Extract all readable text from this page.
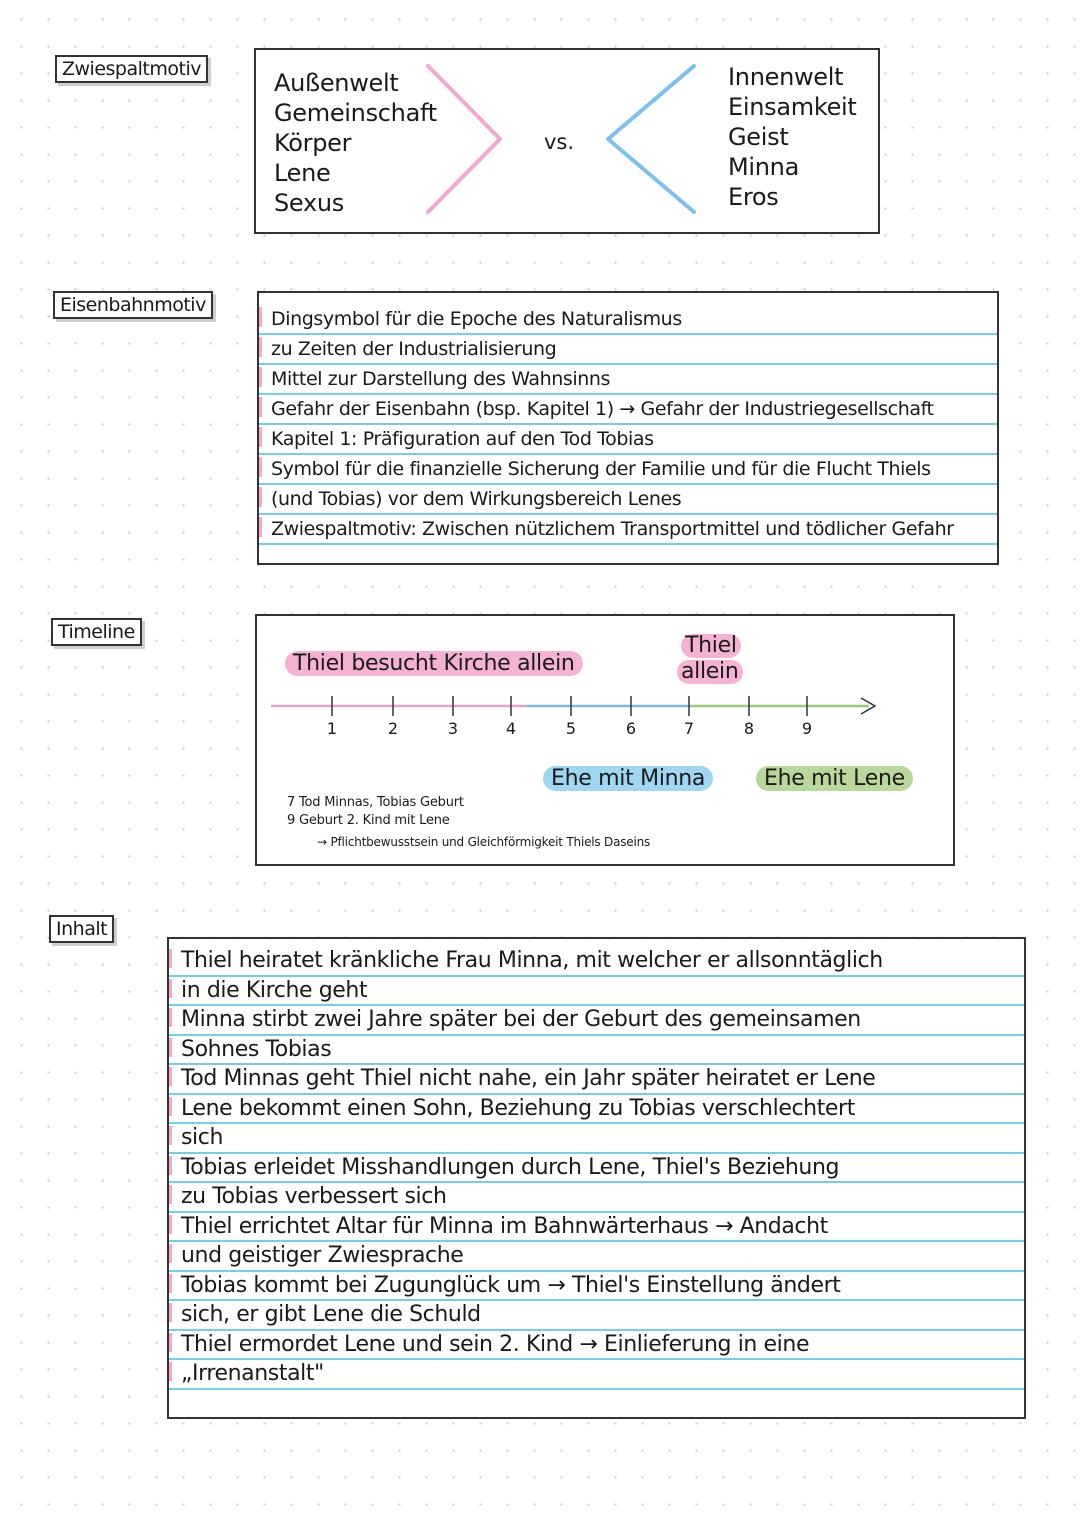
Zwiespaltmotiv	Außenwelt
Gemeinschaft
Körper
Lene
Sexus
vs.
Innenwelt
Einsamkeit
Geist
Minna
Eros
Eisenbahnmotiv
Dingsymbol für die Epoche des Naturalismus
zu Zeiten der Industrialisierung
Mittel zur Darstellung des Wahnsinns
Gefahr der Eisenbahn (bsp. Kapitel 1) → Gefahr der Industriegesellschaft
Kapitel 1: Präfiguration auf den Tod Tobias
Symbol für die finanzielle Sicherung der Familie und für die Flucht Thiels
(und Tobias) vor dem Wirkungsbereich Lenes
Zwiespaltmotiv: Zwischen nützlichem Transportmittel und tödlicher Gefahr
Timeline
Thiel besucht Kirche allein
Thiel
allein
1	2	3	4	5	6	7	8	9
Ehe mit Minna	Ehe mit Lene
7 Tod Minnas, Tobias Geburt
9 Geburt 2. Kind mit Lene
→ Pflichtbewusstsein und Gleichförmigkeit Thiels Daseins
Inhalt
Thiel heiratet kränkliche Frau Minna, mit welcher er allsonntäglich
in die Kirche geht
Minna stirbt zwei Jahre später bei der Geburt des gemeinsamen
Sohnes Tobias
Tod Minnas geht Thiel nicht nahe, ein Jahr später heiratet er Lene
Lene bekommt einen Sohn, Beziehung zu Tobias verschlechtert
sich
Tobias erleidet Misshandlungen durch Lene, Thiel's Beziehung
zu Tobias verbessert sich
Thiel errichtet Altar für Minna im Bahnwärterhaus → Andacht
und geistiger Zwiesprache
Tobias kommt bei Zugunglück um → Thiel's Einstellung ändert
sich, er gibt Lene die Schuld
Thiel ermordet Lene und sein 2. Kind → Einlieferung in eine
„Irrenanstalt"
